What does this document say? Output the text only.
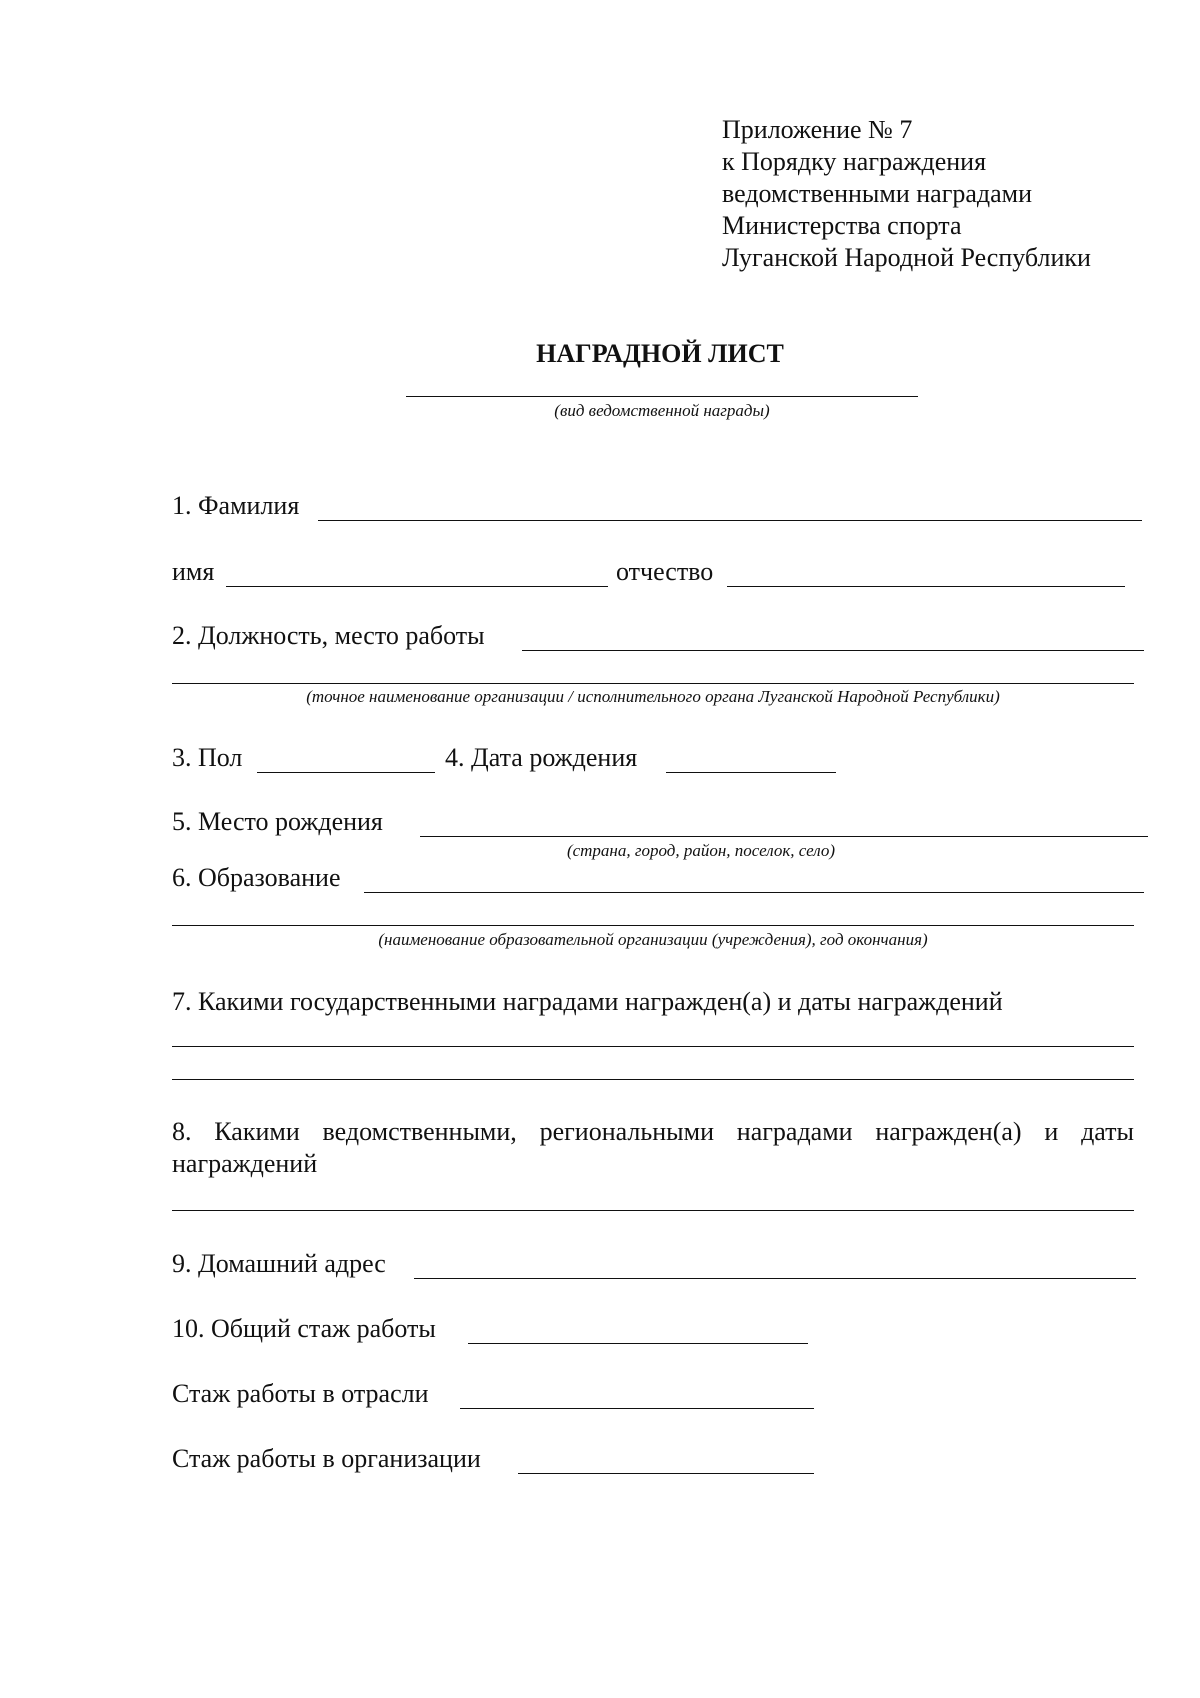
Приложение № 7
к Порядку награждения
ведомственными наградами
Министерства спорта
Луганской Народной Республики
НАГРАДНОЙ ЛИСТ
(вид ведомственной награды)
1. Фамилия
имя	отчество
2. Должность, место работы
(точное наименование организации / исполнительного органа Луганской Народной Республики)
3. Пол	4. Дата рождения
5. Место рождения
(страна, город, район, поселок, село)
6. Образование
(наименование образовательной организации (учреждения), год окончания)
7. Какими государственными наградами награжден(а) и даты награждений
8. Какими ведомственными, региональными наградами награжден(а) и даты награждений
9. Домашний адрес
10. Общий стаж работы
Стаж работы в отрасли
Стаж работы в организации
